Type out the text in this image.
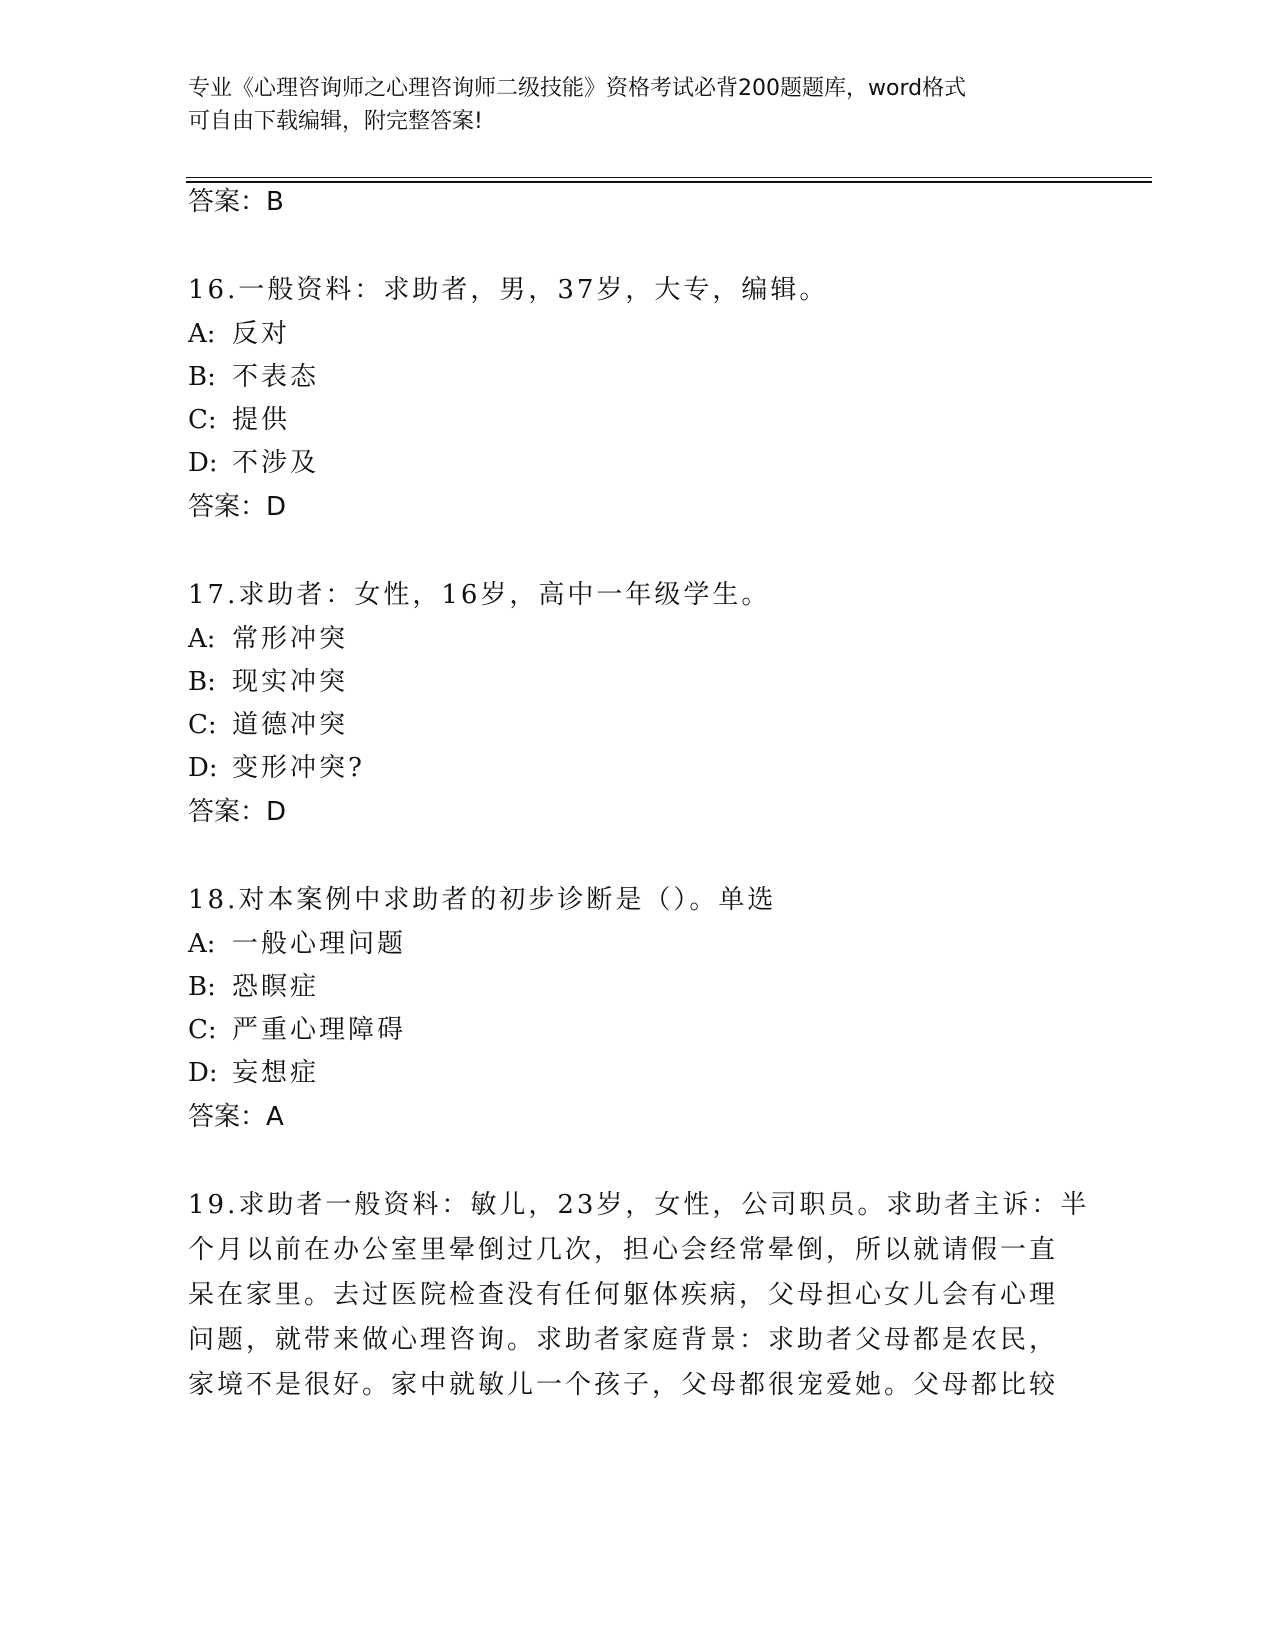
专业《心理咨询师之心理咨询师二级技能》资格考试必背200题题库，word格式
可自由下载编辑，附完整答案!
答案：B
16.一般资料：求助者，男，37岁，大专，编辑。
A: 反对
B: 不表态
C: 提供
D: 不涉及
答案：D
17.求助者：女性，16岁，高中一年级学生。
A: 常形冲突
B: 现实冲突
C: 道德冲突
D: 变形冲突?
答案：D
18.对本案例中求助者的初步诊断是（）。单选
A: 一般心理问题
B: 恐瞑症
C: 严重心理障碍
D: 妄想症
答案：A
19.求助者一般资料：敏儿，23岁，女性，公司职员。求助者主诉：半
个月以前在办公室里晕倒过几次，担心会经常晕倒，所以就请假一直
呆在家里。去过医院检查没有任何躯体疾病，父母担心女儿会有心理
问题，就带来做心理咨询。求助者家庭背景：求助者父母都是农民，
家境不是很好。家中就敏儿一个孩子，父母都很宠爱她。父母都比较
